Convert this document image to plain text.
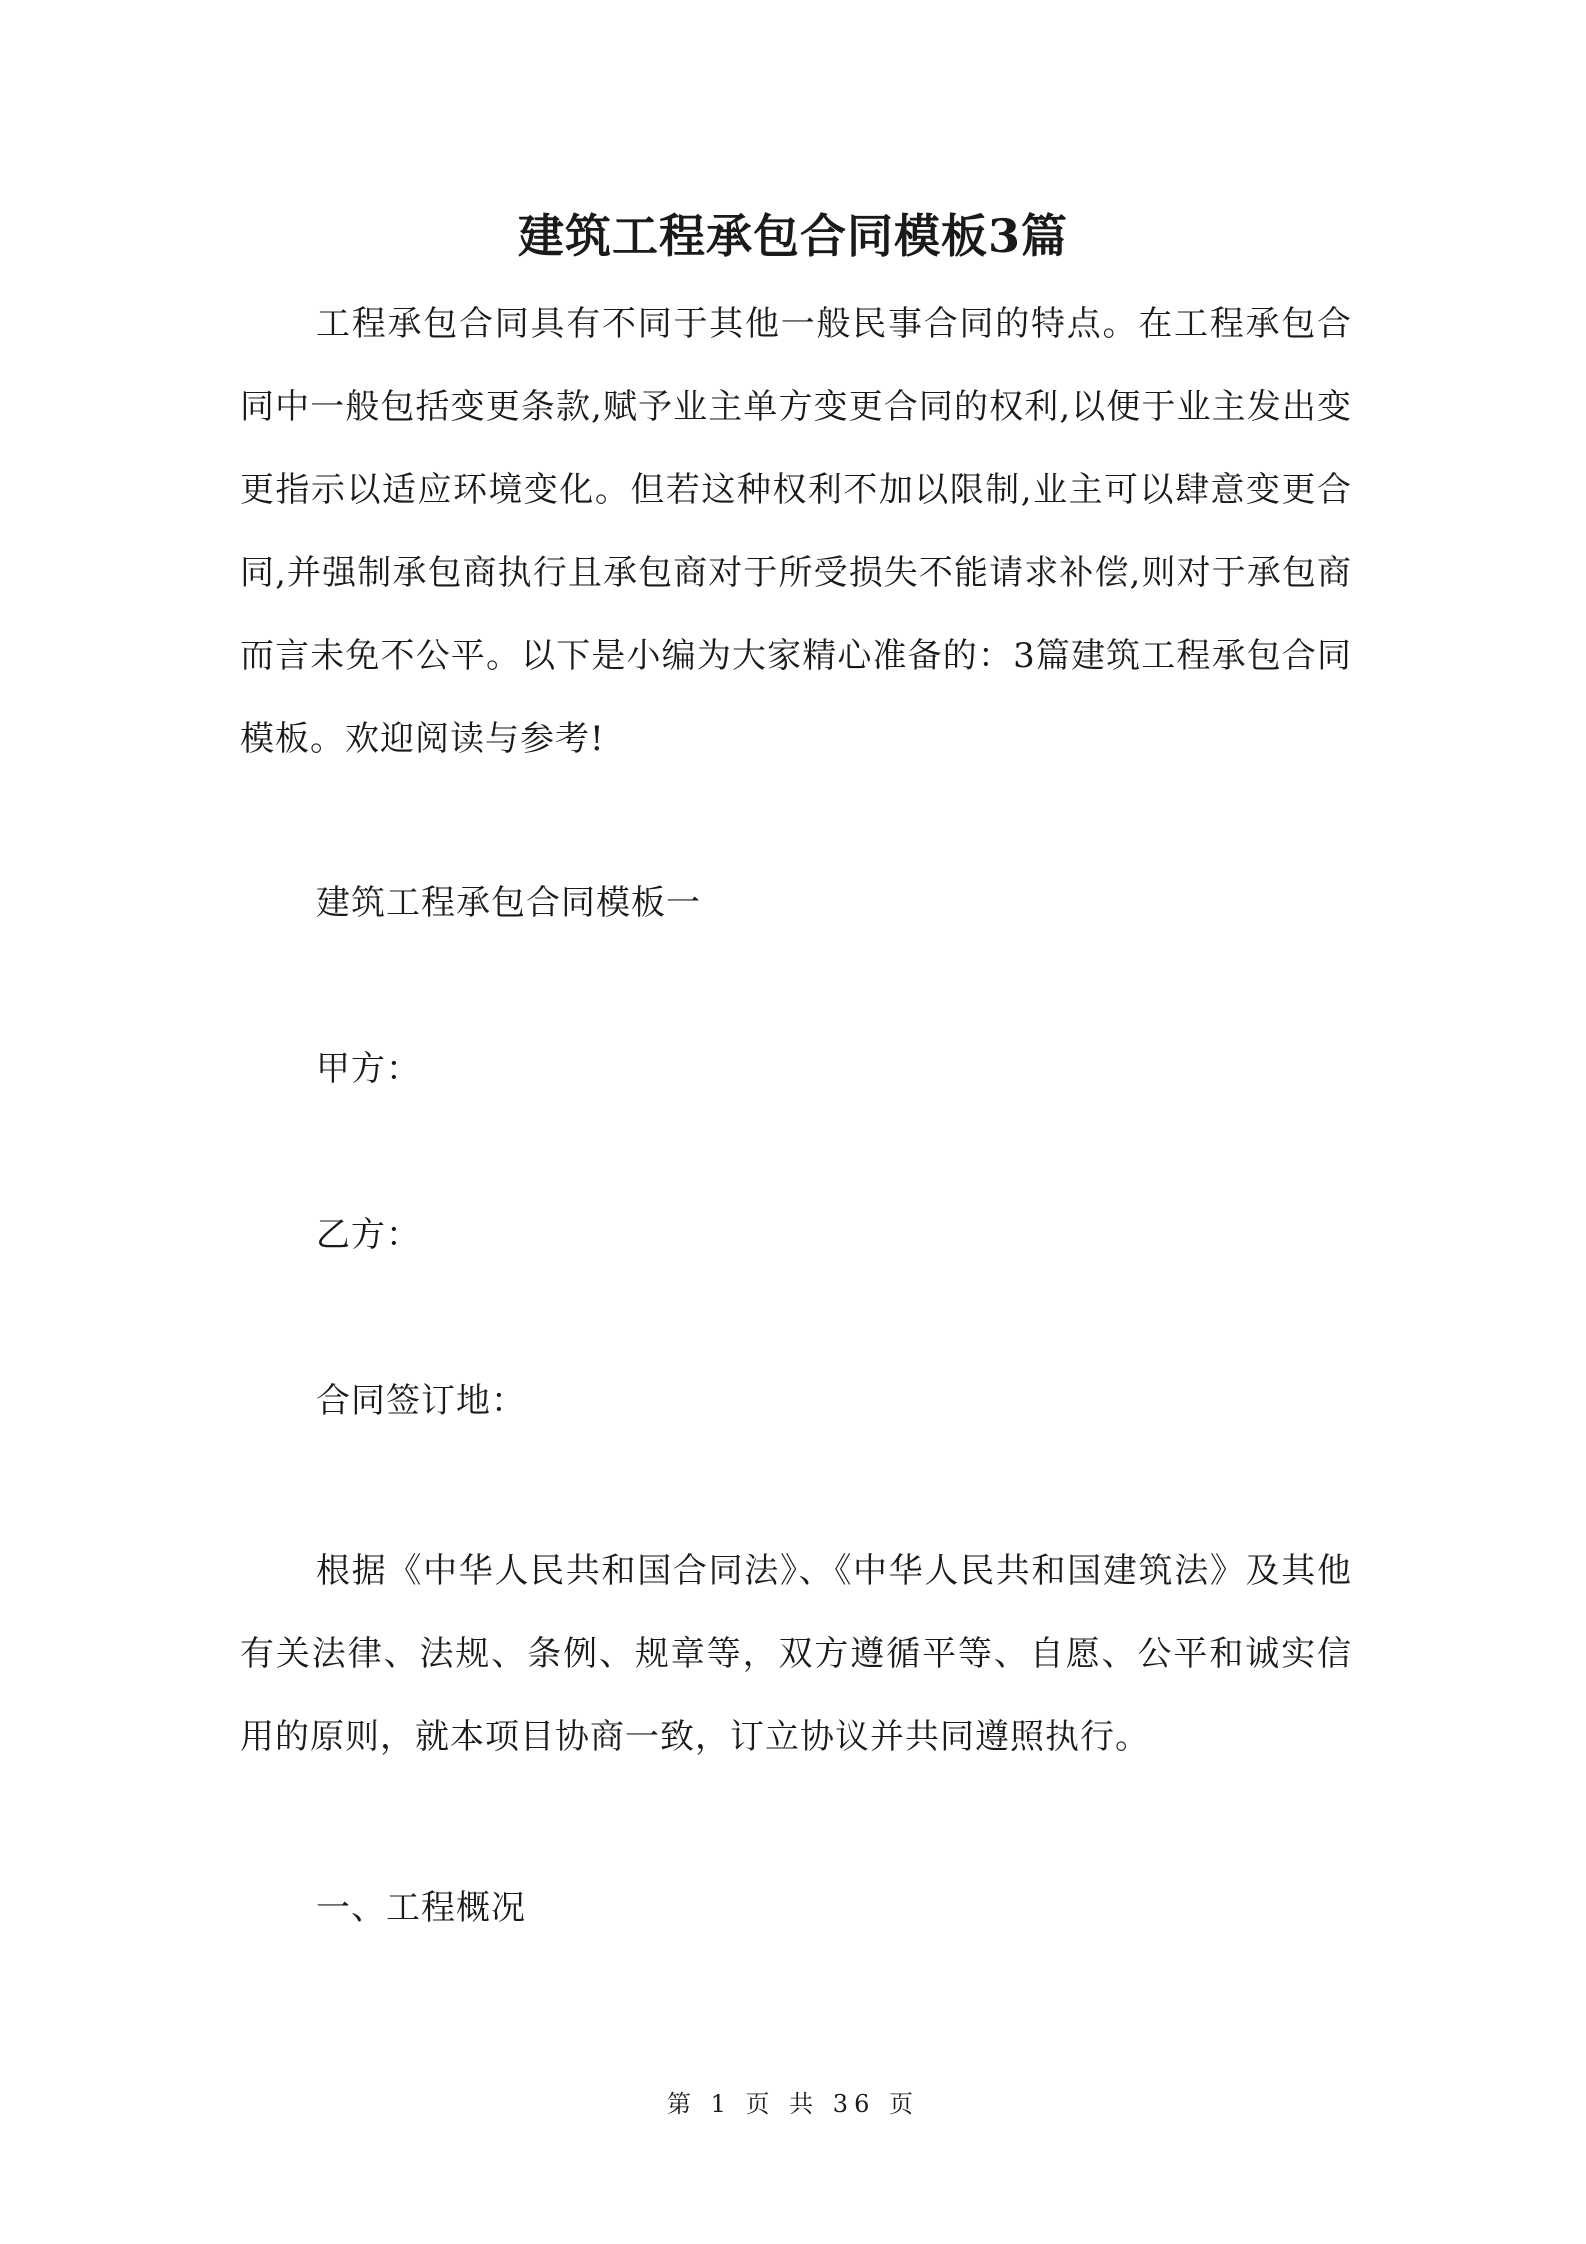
建筑工程承包合同模板3篇

工程承包合同具有不同于其他一般民事合同的特点。在工程承包合同中一般包括变更条款,赋予业主单方变更合同的权利,以便于业主发出变更指示以适应环境变化。但若这种权利不加以限制,业主可以肆意变更合同,并强制承包商执行且承包商对于所受损失不能请求补偿,则对于承包商而言未免不公平。以下是小编为大家精心准备的：3篇建筑工程承包合同模板。欢迎阅读与参考!

建筑工程承包合同模板一

甲方：

乙方：

合同签订地：

根据《中华人民共和国合同法》、《中华人民共和国建筑法》及其他有关法律、法规、条例、规章等，双方遵循平等、自愿、公平和诚实信用的原则，就本项目协商一致，订立协议并共同遵照执行。

一、工程概况

第 1 页 共 36 页
